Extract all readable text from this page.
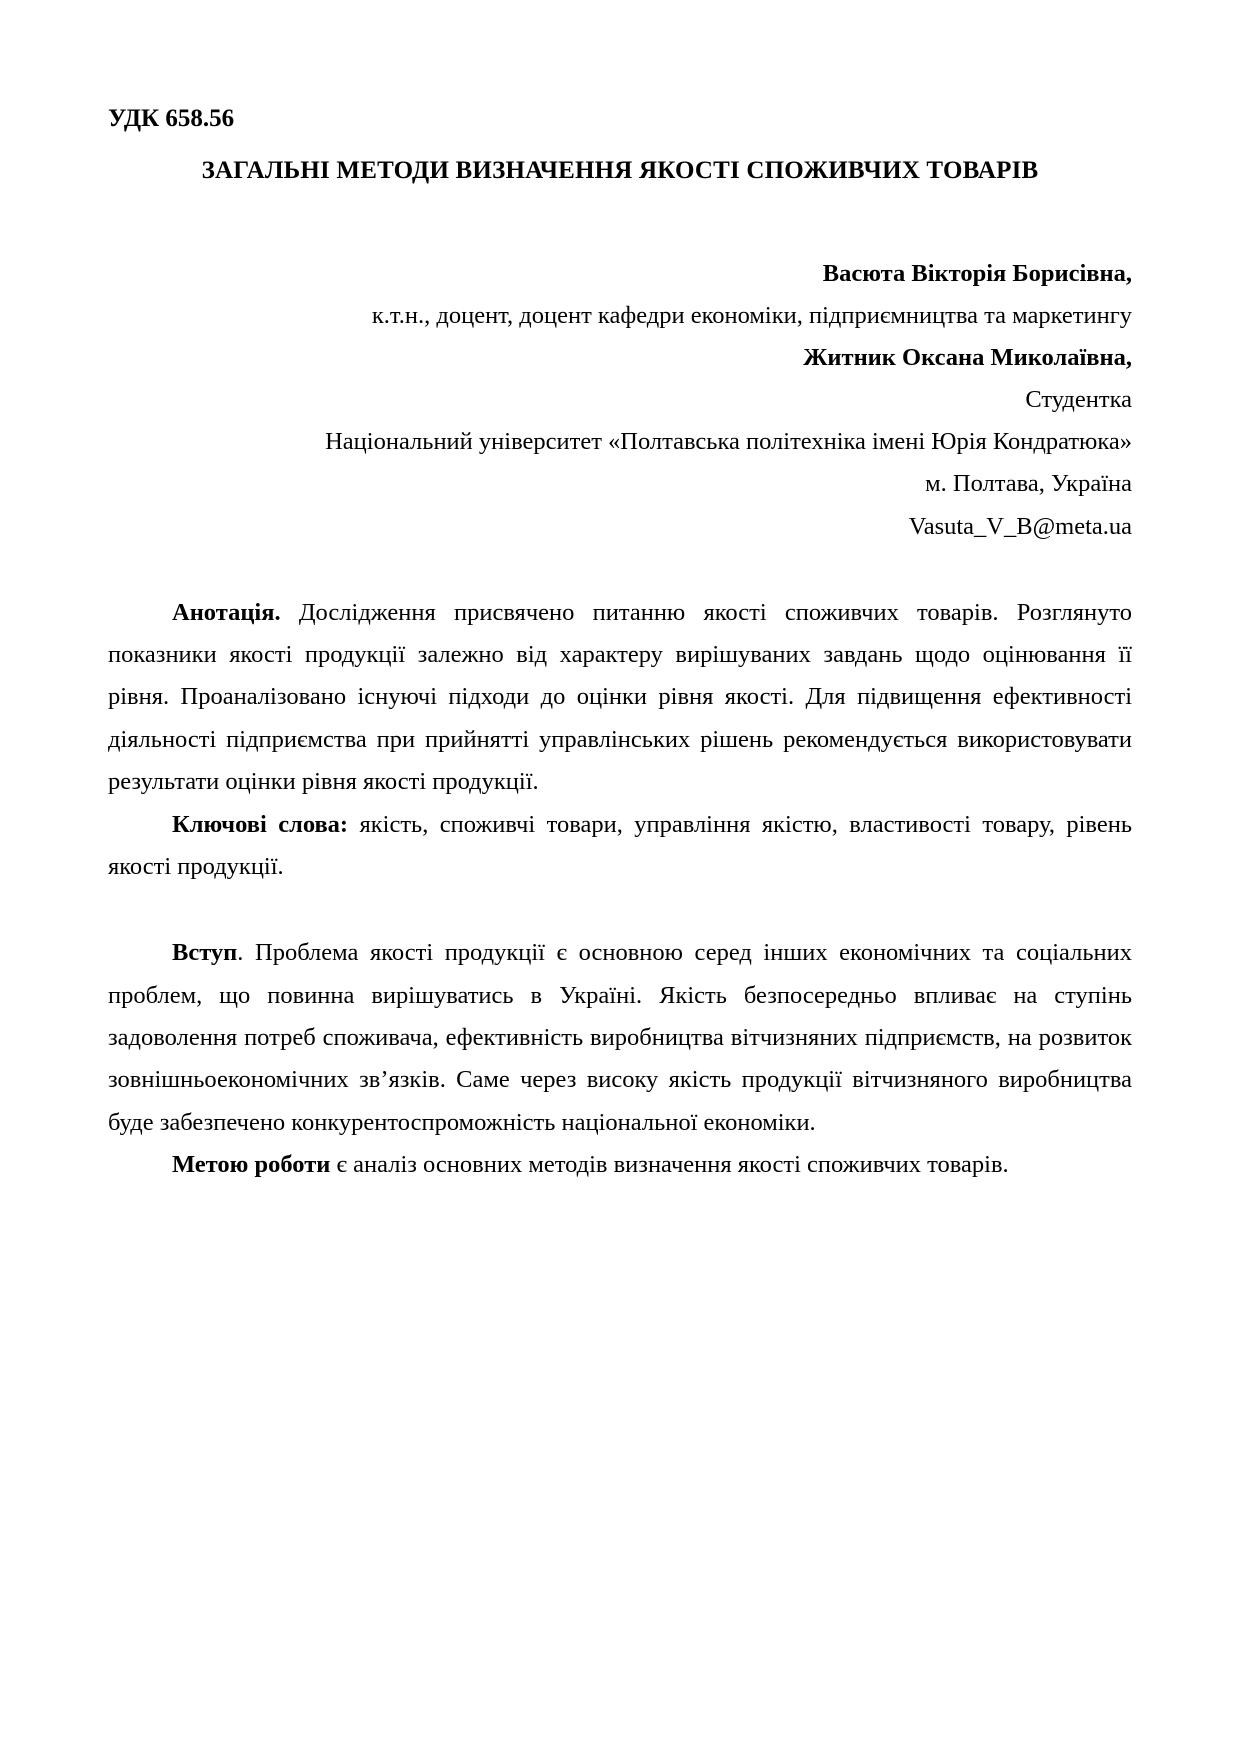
УДК 658.56
ЗАГАЛЬНІ МЕТОДИ ВИЗНАЧЕННЯ ЯКОСТІ СПОЖИВЧИХ ТОВАРІВ
Васюта Вікторія Борисівна,
к.т.н., доцент, доцент кафедри економіки, підприємництва та маркетингу
Житник Оксана Миколаївна,
Студентка
Національний університет «Полтавська політехніка імені Юрія Кондратюка»
м. Полтава, Україна
Vasuta_V_B@meta.ua

Анотація. Дослідження присвячено питанню якості споживчих товарів. Розглянуто показники якості продукції залежно від характеру вирішуваних завдань щодо оцінювання її рівня. Проаналізовано існуючі підходи до оцінки рівня якості. Для підвищення ефективності діяльності підприємства при прийнятті управлінських рішень рекомендується використовувати результати оцінки рівня якості продукції.

Ключові слова: якість, споживчі товари, управління якістю, властивості товару, рівень якості продукції.

Вступ. Проблема якості продукції є основною серед інших економічних та соціальних проблем, що повинна вирішуватись в Україні. Якість безпосередньо впливає на ступінь задоволення потреб споживача, ефективність виробництва вітчизняних підприємств, на розвиток зовнішньоекономічних зв’язків. Саме через високу якість продукції вітчизняного виробництва буде забезпечено конкурентоспроможність національної економіки.

Метою роботи є аналіз основних методів визначення якості споживчих товарів.
